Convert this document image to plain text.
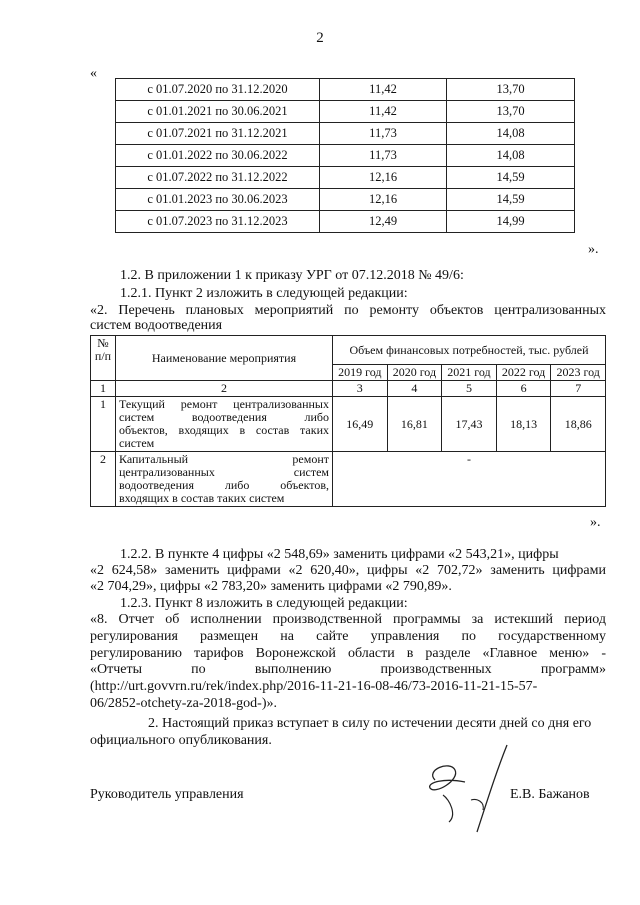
2
«
с 01.07.2020 по 31.12.2020	11,42	13,70
с 01.01.2021 по 30.06.2021	11,42	13,70
с 01.07.2021 по 31.12.2021	11,73	14,08
с 01.01.2022 по 30.06.2022	11,73	14,08
с 01.07.2022 по 31.12.2022	12,16	14,59
с 01.01.2023 по 30.06.2023	12,16	14,59
с 01.07.2023 по 31.12.2023	12,49	14,99
».
1.2. В приложении 1 к приказу УРГ от 07.12.2018 № 49/6:
1.2.1. Пункт 2 изложить в следующей редакции:
«2. Перечень плановых мероприятий по ремонту объектов централизованных
систем водоотведения
№ п/п	Наименование мероприятия	Объем финансовых потребностей, тыс. рублей				
		2019 год	2020 год	2021 год	2022 год	2023 год
1	2	3	4	5	6	7
1	Текущий ремонт централизованных
систем водоотведения либо
объектов, входящих в состав таких
систем	16,49	16,81	17,43	18,13	18,86
2	Капитальный ремонт
централизованных систем
водоотведения либо объектов,
входящих в состав таких систем	-				
».
1.2.2. В пункте 4 цифры «2 548,69» заменить цифрами «2 543,21», цифры
«2 624,58» заменить цифрами «2 620,40», цифры «2 702,72» заменить цифрами
«2 704,29», цифры «2 783,20» заменить цифрами «2 790,89».
1.2.3. Пункт 8 изложить в следующей редакции:
«8. Отчет об исполнении производственной программы за истекший период
регулирования размещен на сайте управления по государственному
регулированию тарифов Воронежской области в разделе «Главное меню» -
«Отчеты по выполнению производственных программ»
(http://urt.govvrn.ru/rek/index.php/2016-11-21-16-08-46/73-2016-11-21-15-57-
06/2852-otchety-za-2018-god-)».
2. Настоящий приказ вступает в силу по истечении десяти дней со дня его
официального опубликования.
Руководитель управления	Е.В. Бажанов
